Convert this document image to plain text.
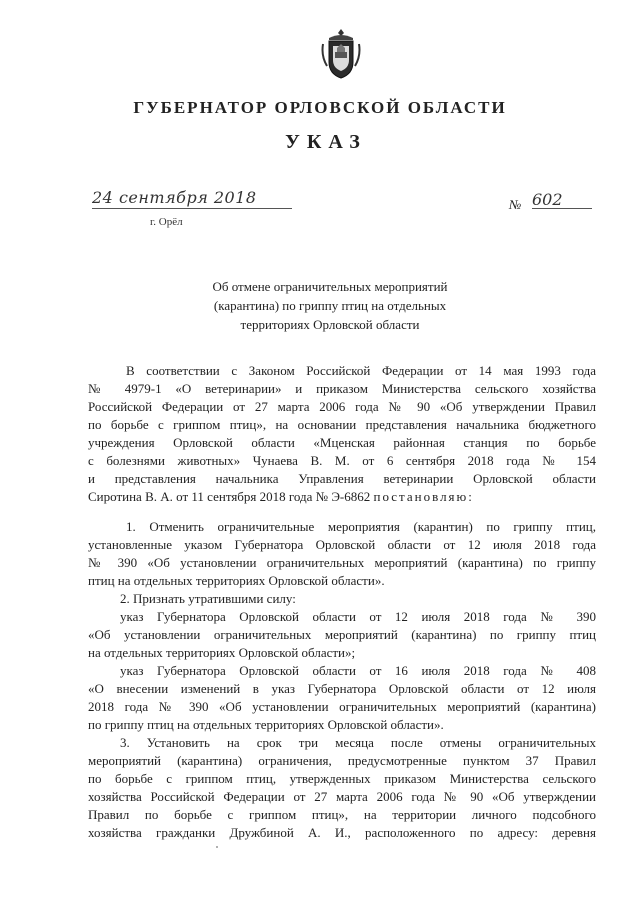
ГУБЕРНАТОР ОРЛОВСКОЙ ОБЛАСТИ
УКАЗ
24 сентября 2018
г. Орёл
№ 602
Об отмене ограничительных мероприятий
(карантина) по гриппу птиц на отдельных
территориях Орловской области
В соответствии с Законом Российской Федерации от 14 мая 1993 года
№ 4979-1 «О ветеринарии» и приказом Министерства сельского хозяйства
Российской Федерации от 27 марта 2006 года № 90 «Об утверждении Правил
по борьбе с гриппом птиц», на основании представления начальника бюджетного
учреждения Орловской области «Мценская районная станция по борьбе
с болезнями животных» Чунаева В. М. от 6 сентября 2018 года № 154
и представления начальника Управления ветеринарии Орловской области
Сиротина В. А. от 11 сентября 2018 года № Э-6862 постановляю:
1. Отменить ограничительные мероприятия (карантин) по гриппу птиц,
установленные указом Губернатора Орловской области от 12 июля 2018 года
№ 390 «Об установлении ограничительных мероприятий (карантина) по гриппу
птиц на отдельных территориях Орловской области».
2. Признать утратившими силу:
указ Губернатора Орловской области от 12 июля 2018 года № 390
«Об установлении ограничительных мероприятий (карантина) по гриппу птиц
на отдельных территориях Орловской области»;
указ Губернатора Орловской области от 16 июля 2018 года № 408
«О внесении изменений в указ Губернатора Орловской области от 12 июля
2018 года № 390 «Об установлении ограничительных мероприятий (карантина)
по гриппу птиц на отдельных территориях Орловской области».
3. Установить на срок три месяца после отмены ограничительных
мероприятий (карантина) ограничения, предусмотренные пунктом 37 Правил
по борьбе с гриппом птиц, утвержденных приказом Министерства сельского
хозяйства Российской Федерации от 27 марта 2006 года № 90 «Об утверждении
Правил по борьбе с гриппом птиц», на территории личного подсобного
хозяйства гражданки Дружбиной А. И., расположенного по адресу: деревня
